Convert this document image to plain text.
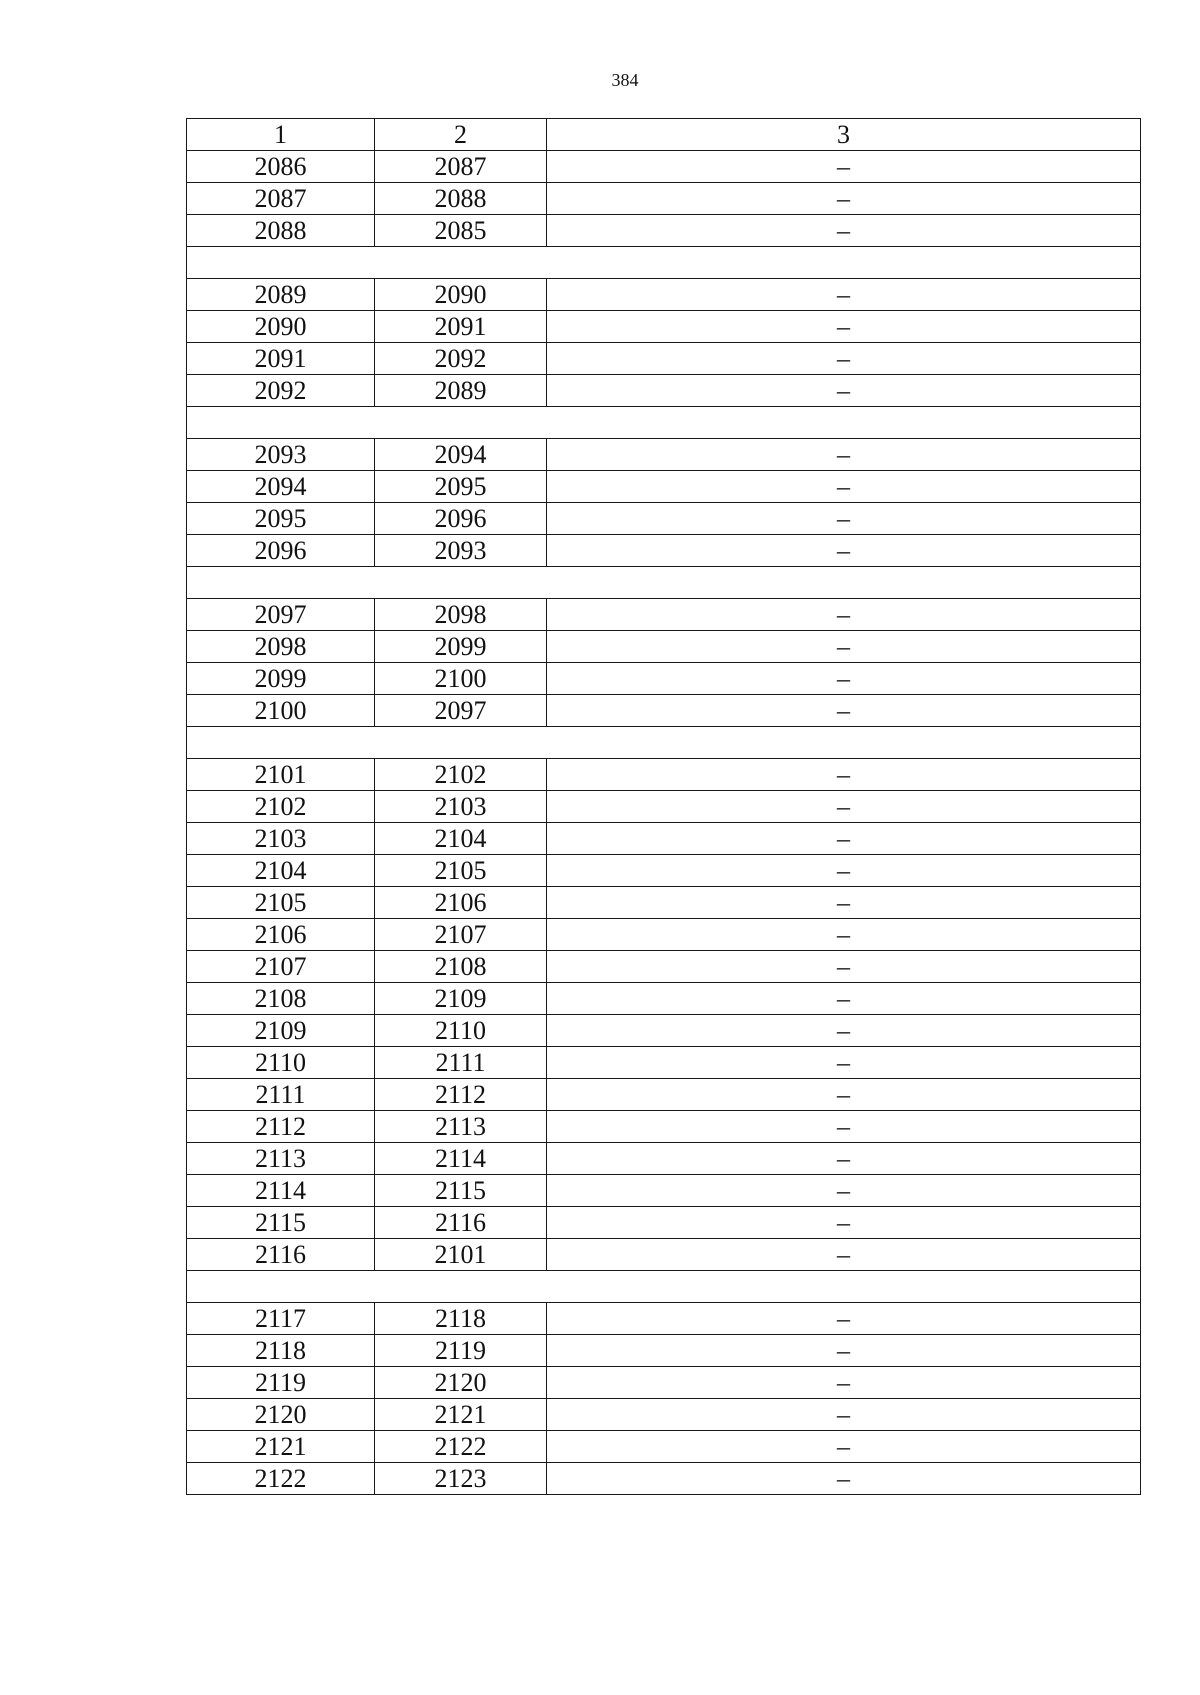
384
1	2	3
2086	2087	–
2087	2088	–
2088	2085	–

2089	2090	–
2090	2091	–
2091	2092	–
2092	2089	–

2093	2094	–
2094	2095	–
2095	2096	–
2096	2093	–

2097	2098	–
2098	2099	–
2099	2100	–
2100	2097	–

2101	2102	–
2102	2103	–
2103	2104	–
2104	2105	–
2105	2106	–
2106	2107	–
2107	2108	–
2108	2109	–
2109	2110	–
2110	2111	–
2111	2112	–
2112	2113	–
2113	2114	–
2114	2115	–
2115	2116	–
2116	2101	–

2117	2118	–
2118	2119	–
2119	2120	–
2120	2121	–
2121	2122	–
2122	2123	–
